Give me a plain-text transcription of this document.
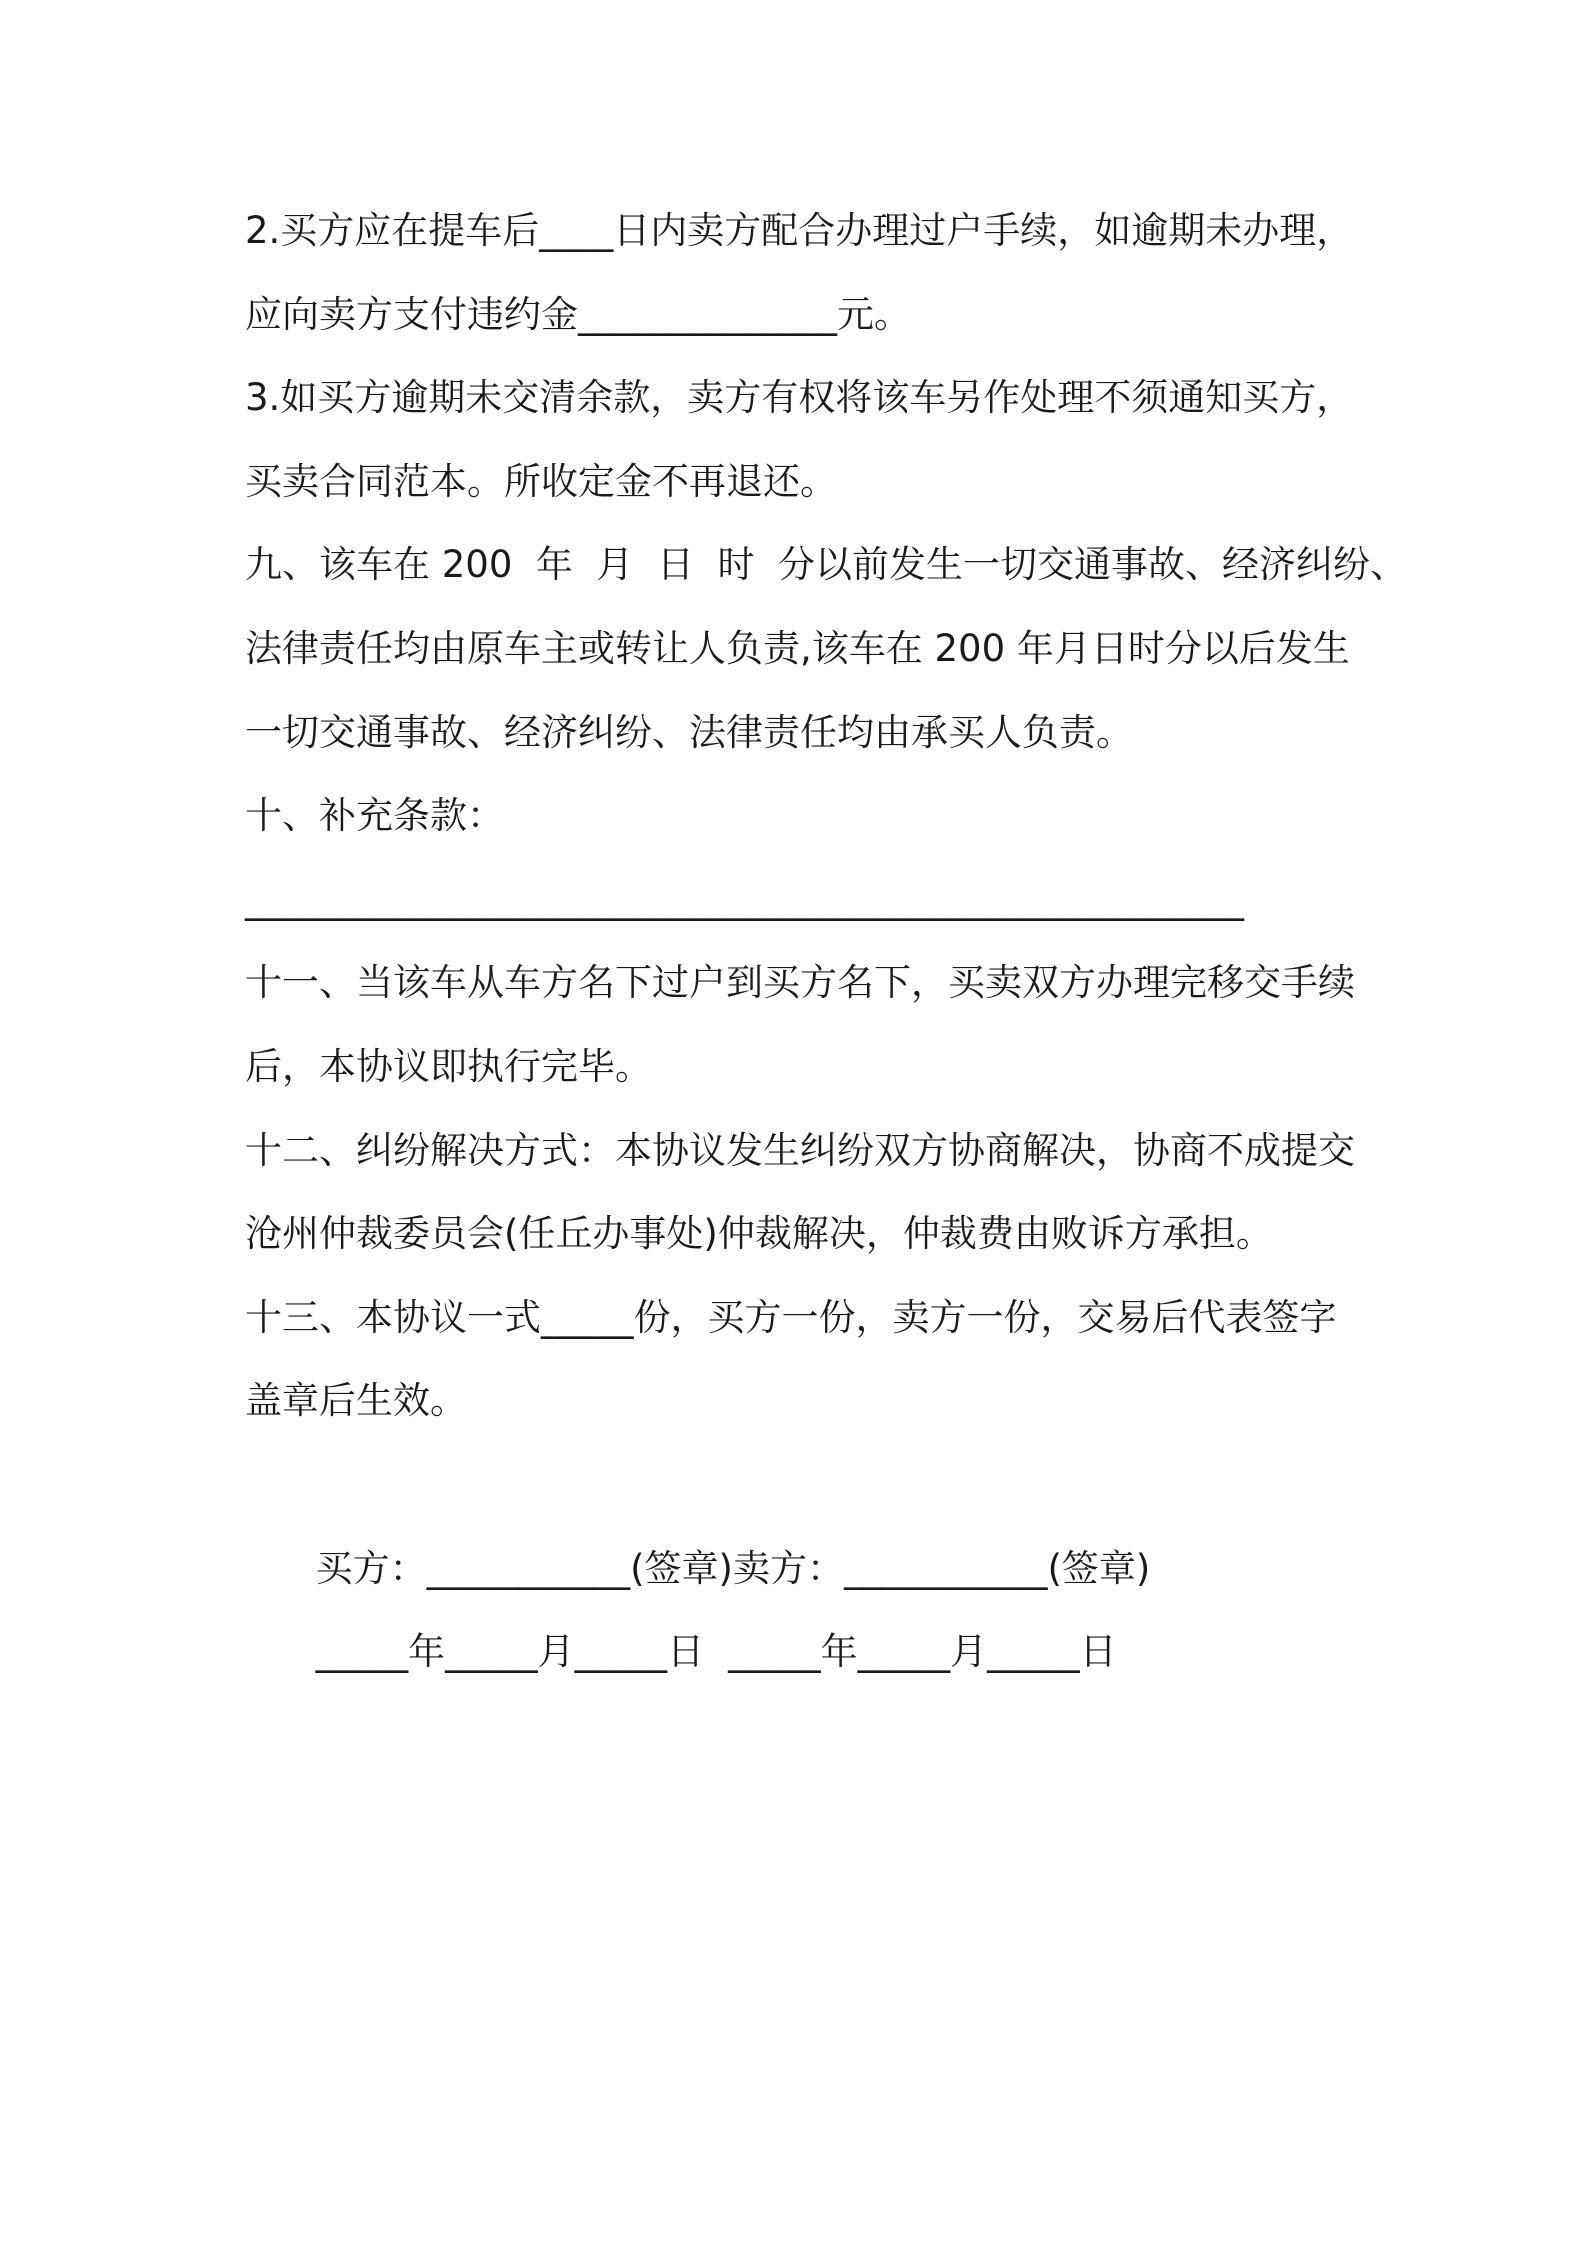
2.买方应在提车后____日内卖方配合办理过户手续，如逾期未办理，
应向卖方支付违约金______________元。
3.如买方逾期未交清余款，卖方有权将该车另作处理不须通知买方，
买卖合同范本。所收定金不再退还。
九、该车在 200  年  月  日  时  分以前发生一切交通事故、经济纠纷、
法律责任均由原车主或转让人负责,该车在 200 年月日时分以后发生
一切交通事故、经济纠纷、法律责任均由承买人负责。
十、补充条款：
______________________________________________________
十一、当该车从车方名下过户到买方名下，买卖双方办理完移交手续
后，本协议即执行完毕。
十二、纠纷解决方式：本协议发生纠纷双方协商解决，协商不成提交
沧州仲裁委员会(任丘办事处)仲裁解决，仲裁费由败诉方承担。
十三、本协议一式_____份，买方一份，卖方一份，交易后代表签字
盖章后生效。

买方：___________(签章)卖方：___________(签章)

_____年_____月_____日 _____年_____月_____日
